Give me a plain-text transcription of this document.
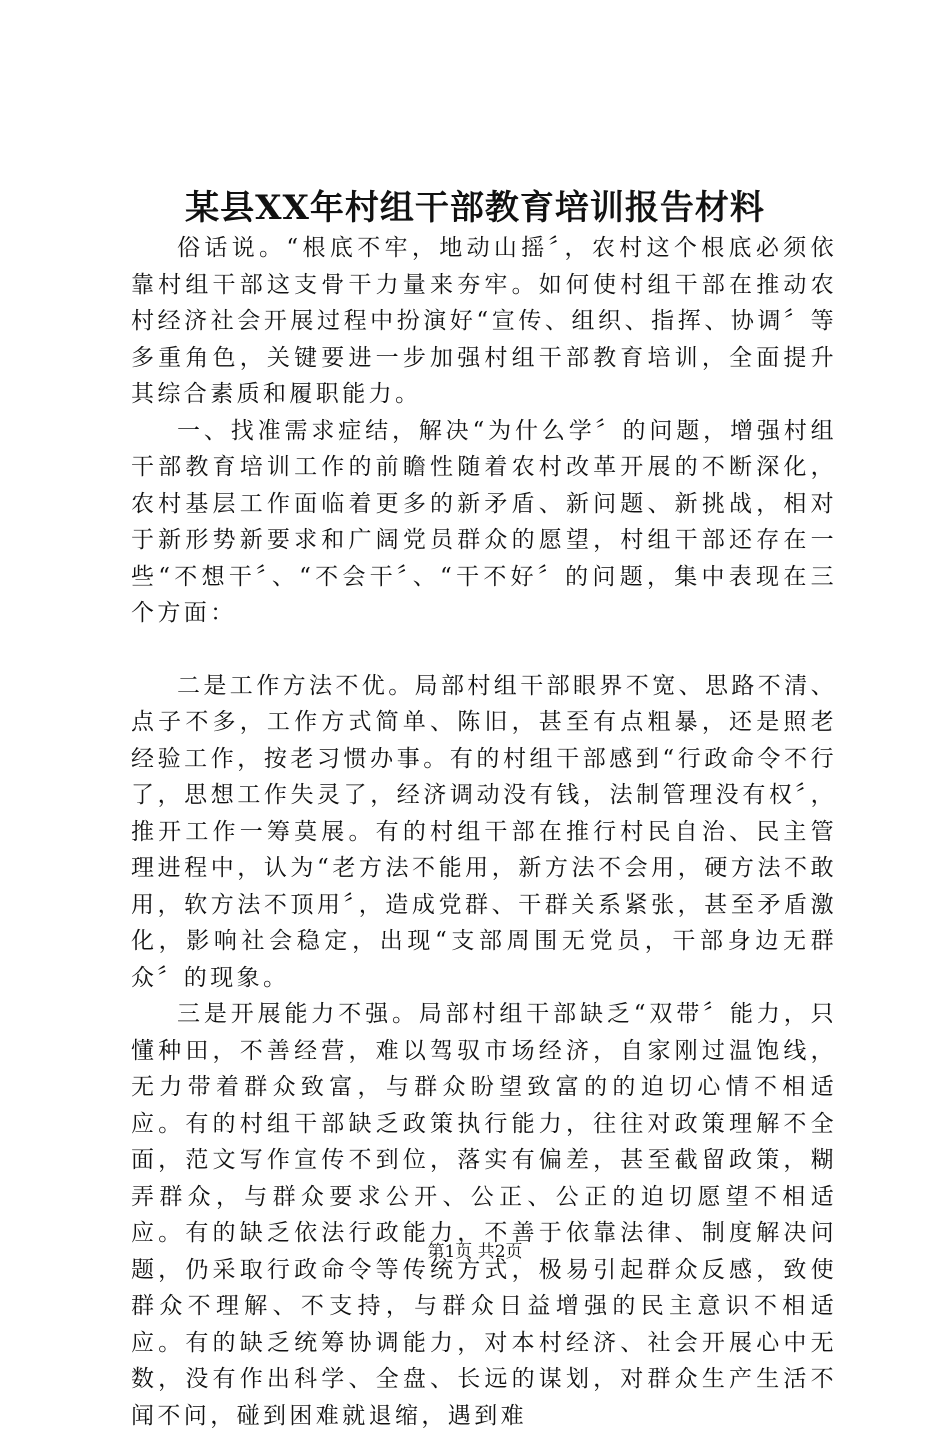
某县XX年村组干部教育培训报告材料

俗话说。“根底不牢，地动山摇〞，农村这个根底必须依靠村组干部这支骨干力量来夯牢。如何使村组干部在推动农村经济社会开展过程中扮演好“宣传、组织、指挥、协调〞等多重角色，关键要进一步加强村组干部教育培训，全面提升其综合素质和履职能力。

一、找准需求症结，解决“为什么学〞的问题，增强村组干部教育培训工作的前瞻性随着农村改革开展的不断深化，农村基层工作面临着更多的新矛盾、新问题、新挑战，相对于新形势新要求和广阔党员群众的愿望，村组干部还存在一些“不想干〞、“不会干〞、“干不好〞的问题，集中表现在三个方面：

二是工作方法不优。局部村组干部眼界不宽、思路不清、点子不多，工作方式简单、陈旧，甚至有点粗暴，还是照老经验工作，按老习惯办事。有的村组干部感到“行政命令不行了，思想工作失灵了，经济调动没有钱，法制管理没有权〞，推开工作一筹莫展。有的村组干部在推行村民自治、民主管理进程中，认为“老方法不能用，新方法不会用，硬方法不敢用，软方法不顶用〞，造成党群、干群关系紧张，甚至矛盾激化，影响社会稳定，出现“支部周围无党员，干部身边无群众〞的现象。

三是开展能力不强。局部村组干部缺乏“双带〞能力，只懂种田，不善经营，难以驾驭市场经济，自家刚过温饱线，无力带着群众致富，与群众盼望致富的的迫切心情不相适应。有的村组干部缺乏政策执行能力，往往对政策理解不全面，范文写作宣传不到位，落实有偏差，甚至截留政策，糊弄群众，与群众要求公开、公正、公正的迫切愿望不相适应。有的缺乏依法行政能力，不善于依靠法律、制度解决问题，仍采取行政命令等传统方式，极易引起群众反感，致使群众不理解、不支持，与群众日益增强的民主意识不相适应。有的缺乏统筹协调能力，对本村经济、社会开展心中无数，没有作出科学、全盘、长远的谋划，对群众生产生活不闻不问，碰到困难就退缩，遇到难

第1页 共2页
